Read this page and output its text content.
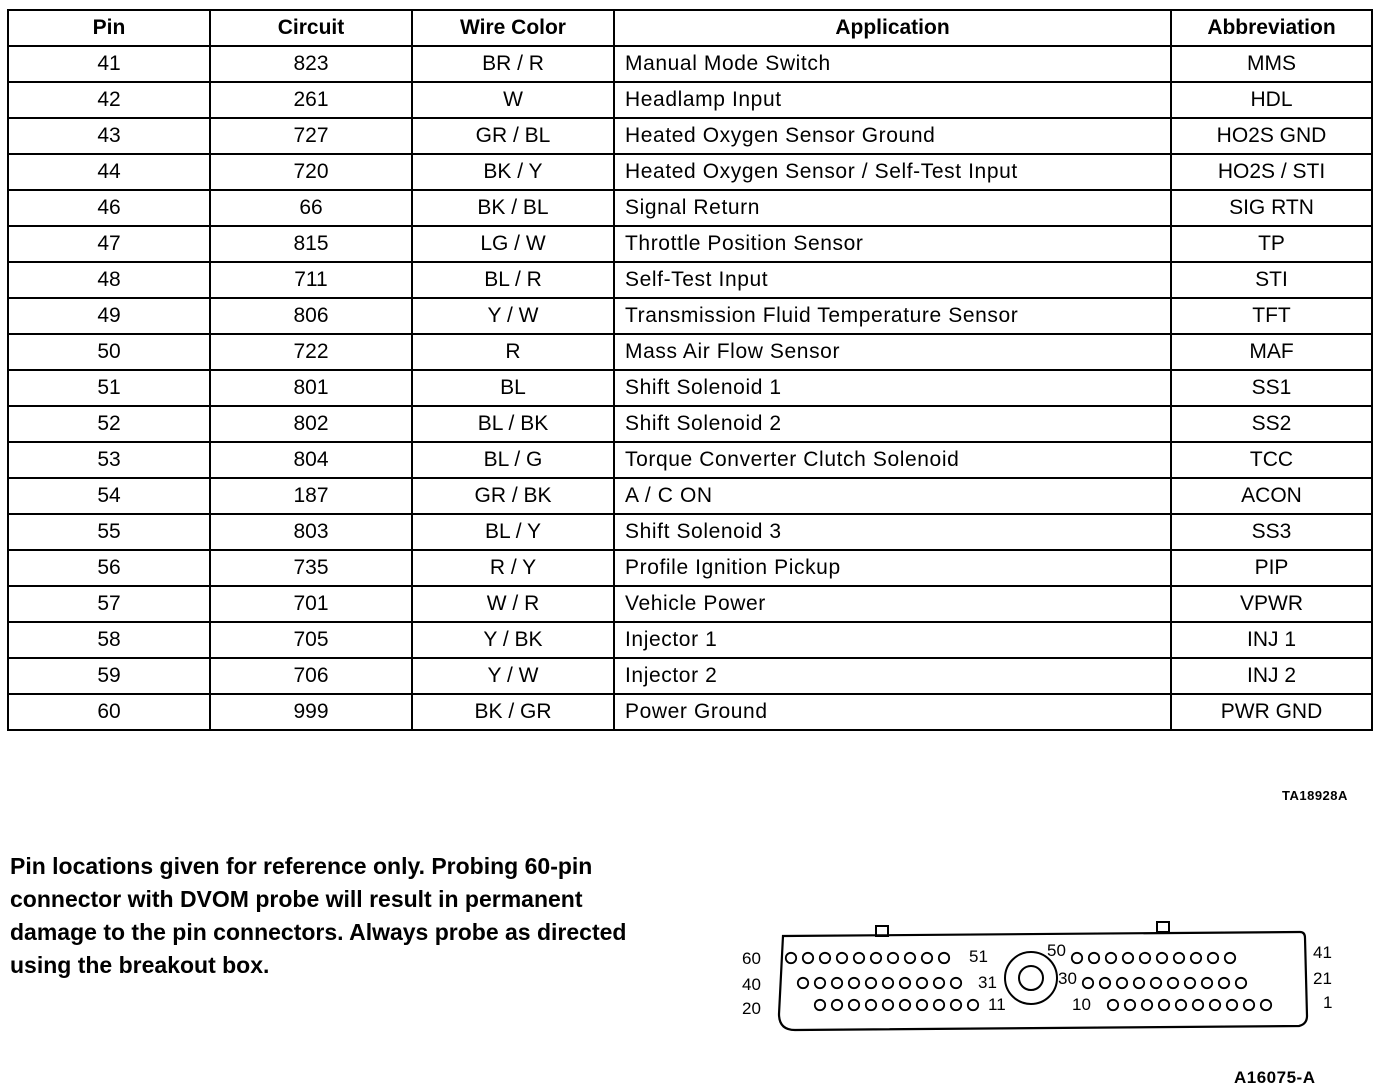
Pin	Circuit	Wire Color	Application	Abbreviation
41	823	BR / R	Manual Mode Switch	MMS
42	261	W	Headlamp Input	HDL
43	727	GR / BL	Heated Oxygen Sensor Ground	HO2S GND
44	720	BK / Y	Heated Oxygen Sensor / Self-Test Input	HO2S / STI
46	66	BK / BL	Signal Return	SIG RTN
47	815	LG / W	Throttle Position Sensor	TP
48	711	BL / R	Self-Test Input	STI
49	806	Y / W	Transmission Fluid Temperature Sensor	TFT
50	722	R	Mass Air Flow Sensor	MAF
51	801	BL	Shift Solenoid 1	SS1
52	802	BL / BK	Shift Solenoid 2	SS2
53	804	BL / G	Torque Converter Clutch Solenoid	TCC
54	187	GR / BK	A / C ON	ACON
55	803	BL / Y	Shift Solenoid 3	SS3
56	735	R / Y	Profile Ignition Pickup	PIP
57	701	W / R	Vehicle Power	VPWR
58	705	Y / BK	Injector 1	INJ 1
59	706	Y / W	Injector 2	INJ 2
60	999	BK / GR	Power Ground	PWR GND
TA18928A

Pin locations given for reference only. Probing 60-pin connector with DVOM probe will result in permanent damage to the pin connectors. Always probe as directed using the breakout box.	60
40
20
41
21
1
51	50
31	30
11	10
A16075-A
